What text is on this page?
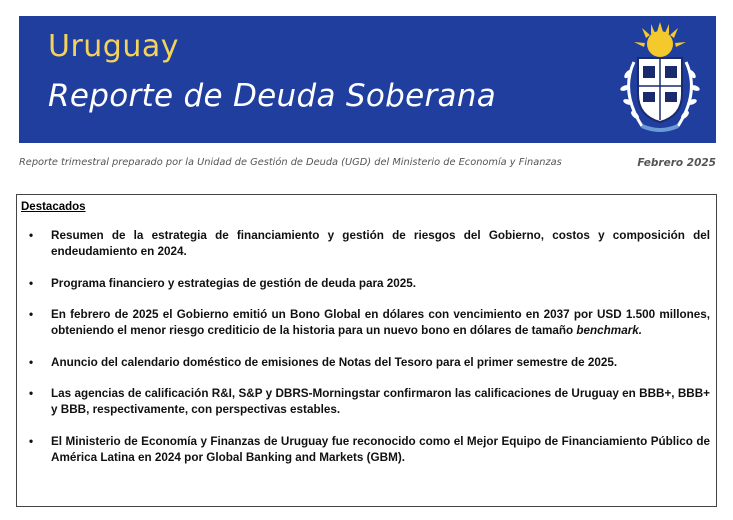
Uruguay
Reporte de Deuda Soberana
Reporte trimestral preparado por la Unidad de Gestión de Deuda (UGD) del Ministerio de Economía y Finanzas	Febrero 2025
Destacados
• Resumen de la estrategia de financiamiento y gestión de riesgos del Gobierno, costos y composición del endeudamiento en 2024.
• Programa financiero y estrategias de gestión de deuda para 2025.
• En febrero de 2025 el Gobierno emitió un Bono Global en dólares con vencimiento en 2037 por USD 1.500 millones, obteniendo el menor riesgo crediticio de la historia para un nuevo bono en dólares de tamaño benchmark.
• Anuncio del calendario doméstico de emisiones de Notas del Tesoro para el primer semestre de 2025.
• Las agencias de calificación R&I, S&P y DBRS-Morningstar confirmaron las calificaciones de Uruguay en BBB+, BBB+ y BBB, respectivamente, con perspectivas estables.
• El Ministerio de Economía y Finanzas de Uruguay fue reconocido como el Mejor Equipo de Financiamiento Público de América Latina en 2024 por Global Banking and Markets (GBM).
